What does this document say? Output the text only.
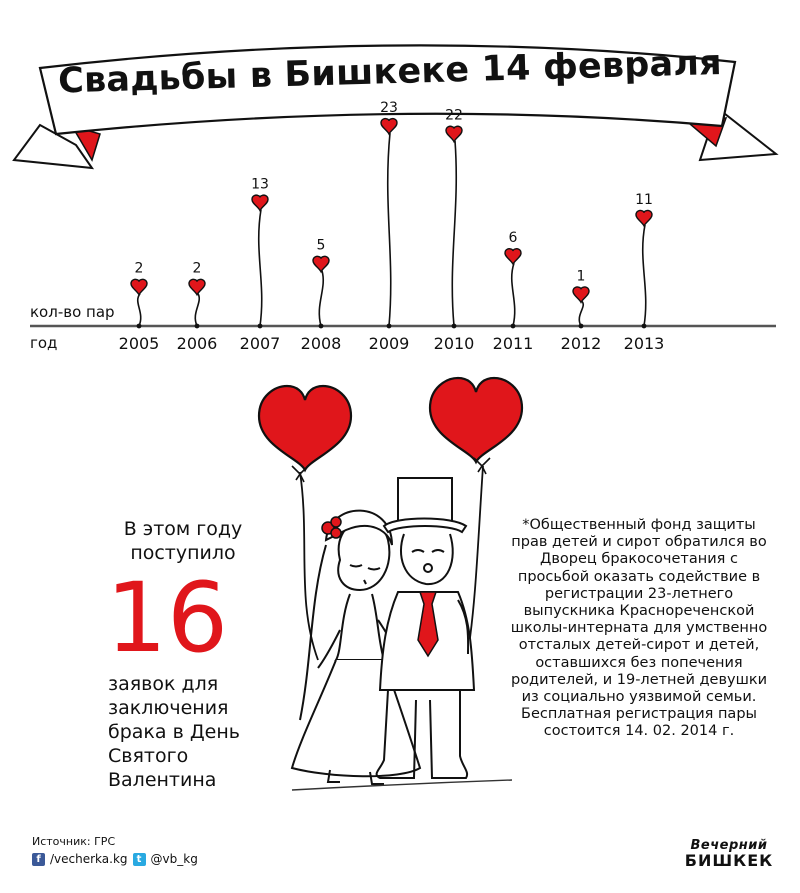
Свадьбы в Бишкеке 14 февраля
2
2005
2
2006
13
2007
5
2008
23
2009
22
2010
6
2011
1
2012
11
2013
кол-во пар
год
В этом году поступило
16
заявок для заключения брака в День Святого Валентина
*Общественный фонд защиты прав детей и сирот обратился во Дворец бракосочетания с просьбой оказать содействие в регистрации 23-летнего выпускника Краснореченской школы-интерната для умственно отсталых детей-сирот и детей, оставшихся без попечения родителей, и 19-летней девушки из социально уязвимой семьи. Бесплатная регистрация пары состоится 14. 02. 2014 г.
Источник: ГРС
f /vecherka.kg t @vb_kg
Вечерний
БИШКЕК
